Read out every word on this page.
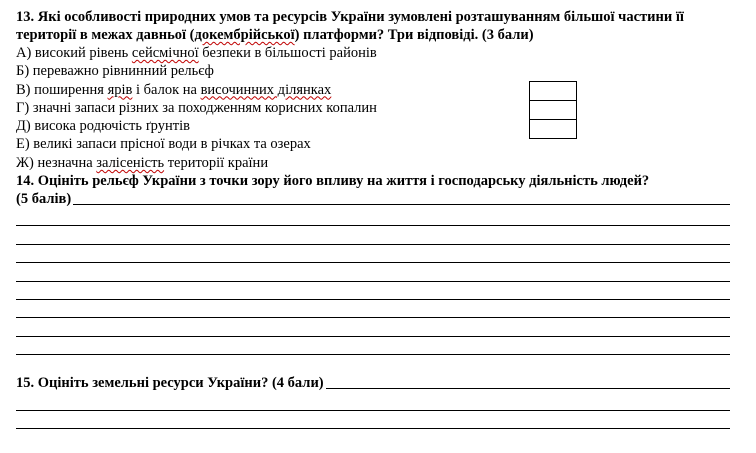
13. Які особливості природних умов та ресурсів України зумовлені розташуванням більшої частини її території в межах давньої (докембрійської) платформи? Три відповіді. (3 бали)
А) високий рівень сейсмічної безпеки в більшості районів
Б) переважно рівнинний рельєф
В) поширення ярів і балок на височинних ділянках
Г) значні запаси різних за походженням корисних копалин
Д) висока родючість ґрунтів
Е) великі запаси прісної води в річках та озерах
Ж) незначна залісеність території країни
14. Оцініть рельєф України з точки зору його впливу на життя і господарську діяльність людей?
(5 балів)
15. Оцініть земельні ресурси України? (4 бали)
